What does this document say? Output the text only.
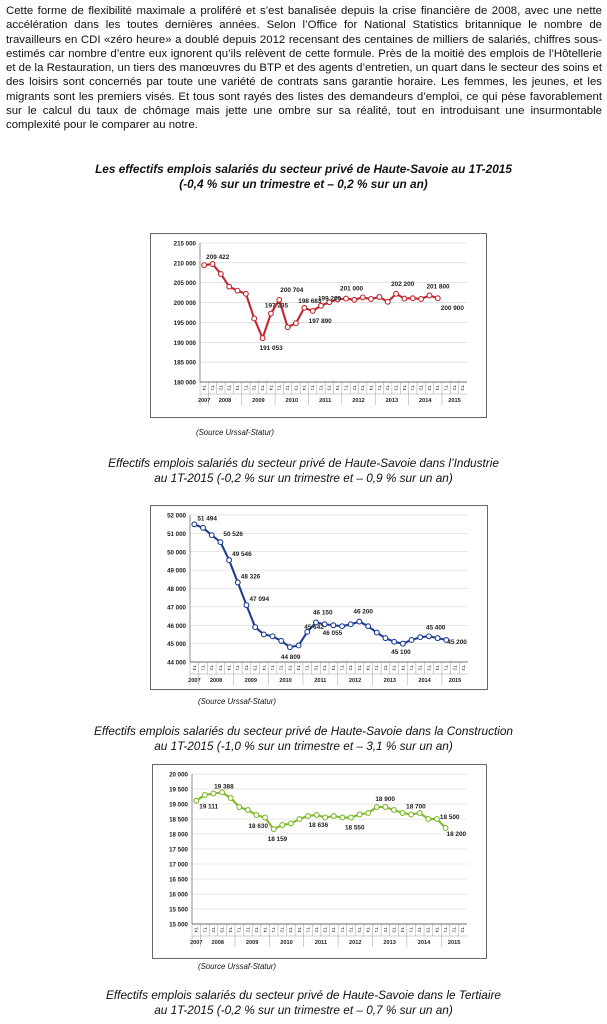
Cette forme de flexibilité maximale a proliféré et s’est banalisée depuis la crise financière de 2008, avec une nette accélération dans les toutes dernières années. Selon l’Office for National Statistics britannique le nombre de travailleurs en CDI «zéro heure» a doublé depuis 2012 recensant des centaines de milliers de salariés, chiffres sous-estimés car nombre d’entre eux ignorent qu’ils relèvent de cette formule. Près de la moitié des emplois de l’Hôtellerie et de la Restauration, un tiers des manœuvres du BTP et des agents d’entretien, un quart dans le secteur des soins et des loisirs sont concernés par toute une variété de contrats sans garantie horaire. Les femmes, les jeunes, et les migrants sont les premiers visés. Et tous sont rayés des listes des demandeurs d’emploi, ce qui pèse favorablement sur le calcul du taux de chômage mais jette une ombre sur sa réalité, tout en introduisant une insurmontable complexité pour le comparer au notre.

Les effectifs emplois salariés du secteur privé de Haute-Savoie au 1T-2015

(-0,4 % sur un trimestre et – 0,2 % sur un an)

215 000
210 000
205 000
200 000
195 000
190 000
185 000
180 000
T4 T1 T2 T3 T4 T1 T2 T3 T4 T1 T2 T3 T4 T1 T2 T3 T4 T1 T2 T3 T4 T1 T2 T3 T4 T1 T2 T3 T4 T1 T2 T3
2007 2008	2009	2010	2011	2012	2013	2014	2015
209 422
191 053
197 235
200 704
198 683
197 890
199 200
201 000
202 200 201 800
200 900

(Source Urssaf-Statur)

Effectifs emplois salariés du secteur privé de Haute-Savoie dans l’Industrie

au 1T-2015 (-0,2 % sur un trimestre et – 0,9 % sur un an)

52 000
51 000
50 000
49 000
48 000
47 000
46 000
45 000
44 000
T4 T1 T2 T3 T4 T1 T2 T3 T4 T1 T2 T3 T4 T1 T2 T3 T4 T1 T2 T3 T4 T1 T2 T3 T4 T1 T2 T3 T4 T1 T2 T3
2007 2008	2009	2010	2011	2012	2013	2014	2015
51 494
50 526
49 546
48 326
47 094
44 809
45 642
46 150
46 055
46 200
45 100
45 400
45 200

(Source Urssaf-Statur)

Effectifs emplois salariés du secteur privé de Haute-Savoie dans la Construction

au 1T-2015 (-1,0 % sur un trimestre et – 3,1 % sur un an)

20 000
19 500
19 000
18 500
18 000
17 500
17 000
16 500
16 000
15 500
15 000
T4 T1 T2 T3 T4 T1 T2 T3 T4 T1 T2 T3 T4 T1 T2 T3 T4 T1 T2 T3 T4 T1 T2 T3 T4 T1 T2 T3 T4 T1 T2 T3
2007 2008	2009	2010	2011	2012	2013	2014	2015
19 111
19 388
18 630
18 159
18 636	18 550
18 900
18 700
18 500
18 200

(Source Urssaf-Statur)

Effectifs emplois salariés du secteur privé de Haute-Savoie dans le Tertiaire

au 1T-2015 (-0,2 % sur un trimestre et – 0,7 % sur un an)
